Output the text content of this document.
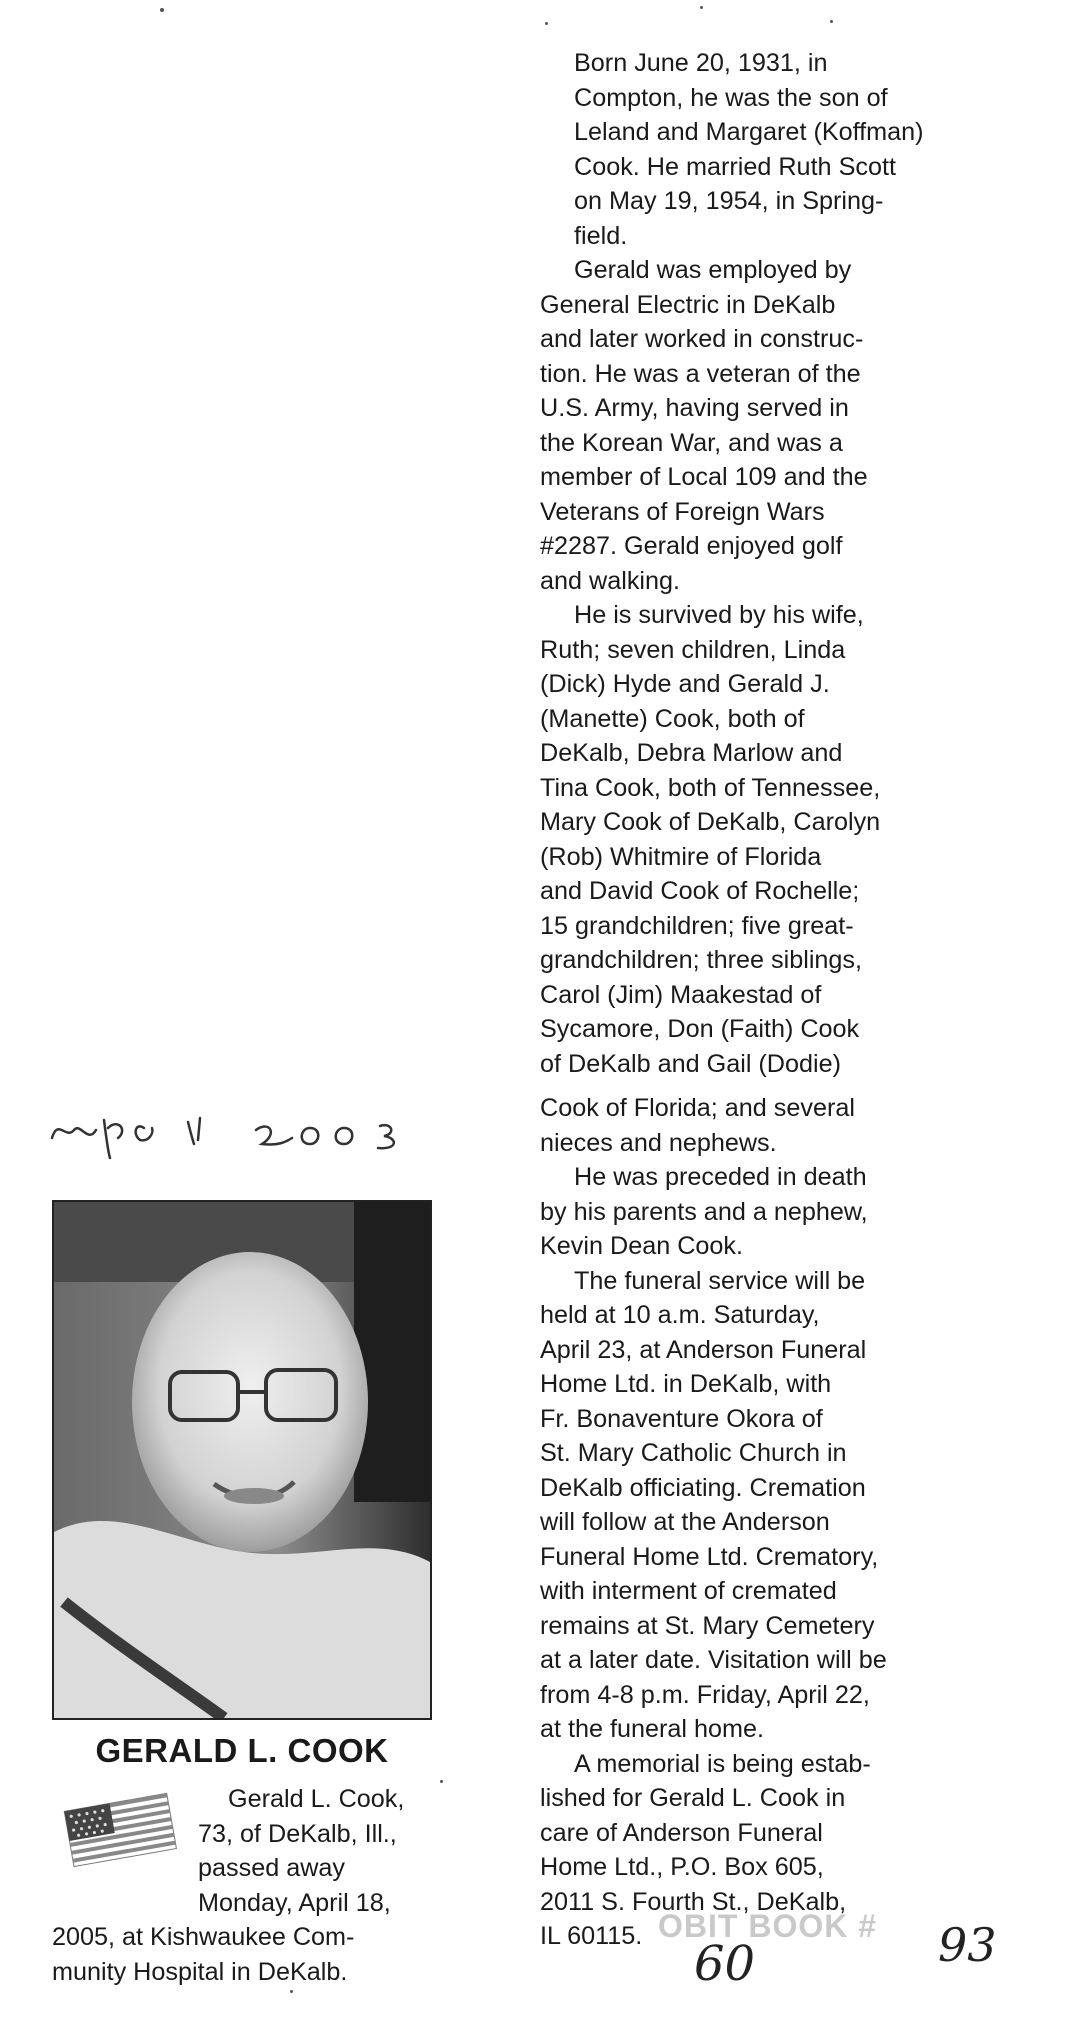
Born June 20, 1931, in
Compton, he was the son of
Leland and Margaret (Koffman)
Cook. He married Ruth Scott
on May 19, 1954, in Spring-
field.

Gerald was employed by
General Electric in DeKalb
and later worked in construc-
tion. He was a veteran of the
U.S. Army, having served in
the Korean War, and was a
member of Local 109 and the
Veterans of Foreign Wars
#2287. Gerald enjoyed golf
and walking.

He is survived by his wife,
Ruth; seven children, Linda
(Dick) Hyde and Gerald J.
(Manette) Cook, both of
DeKalb, Debra Marlow and
Tina Cook, both of Tennessee,
Mary Cook of DeKalb, Carolyn
(Rob) Whitmire of Florida
and David Cook of Rochelle;
15 grandchildren; five great-
grandchildren; three siblings,
Carol (Jim) Maakestad of
Sycamore, Don (Faith) Cook
of DeKalb and Gail (Dodie)
Cook of Florida; and several
nieces and nephews.

He was preceded in death
by his parents and a nephew,
Kevin Dean Cook.

The funeral service will be
held at 10 a.m. Saturday,
April 23, at Anderson Funeral
Home Ltd. in DeKalb, with
Fr. Bonaventure Okora of
St. Mary Catholic Church in
DeKalb officiating. Cremation
will follow at the Anderson
Funeral Home Ltd. Crematory,
with interment of cremated
remains at St. Mary Cemetery
at a later date. Visitation will be
from 4-8 p.m. Friday, April 22,
at the funeral home.

A memorial is being estab-
lished for Gerald L. Cook in
care of Anderson Funeral
Home Ltd., P.O. Box 605,
2011 S. Fourth St., DeKalb,
IL 60115.

GERALD L. COOK
Gerald L. Cook,
73, of DeKalb, Ill.,
passed away
Monday, April 18,
2005, at Kishwaukee Com-
munity Hospital in DeKalb.
OBIT BOOK #
60	93
